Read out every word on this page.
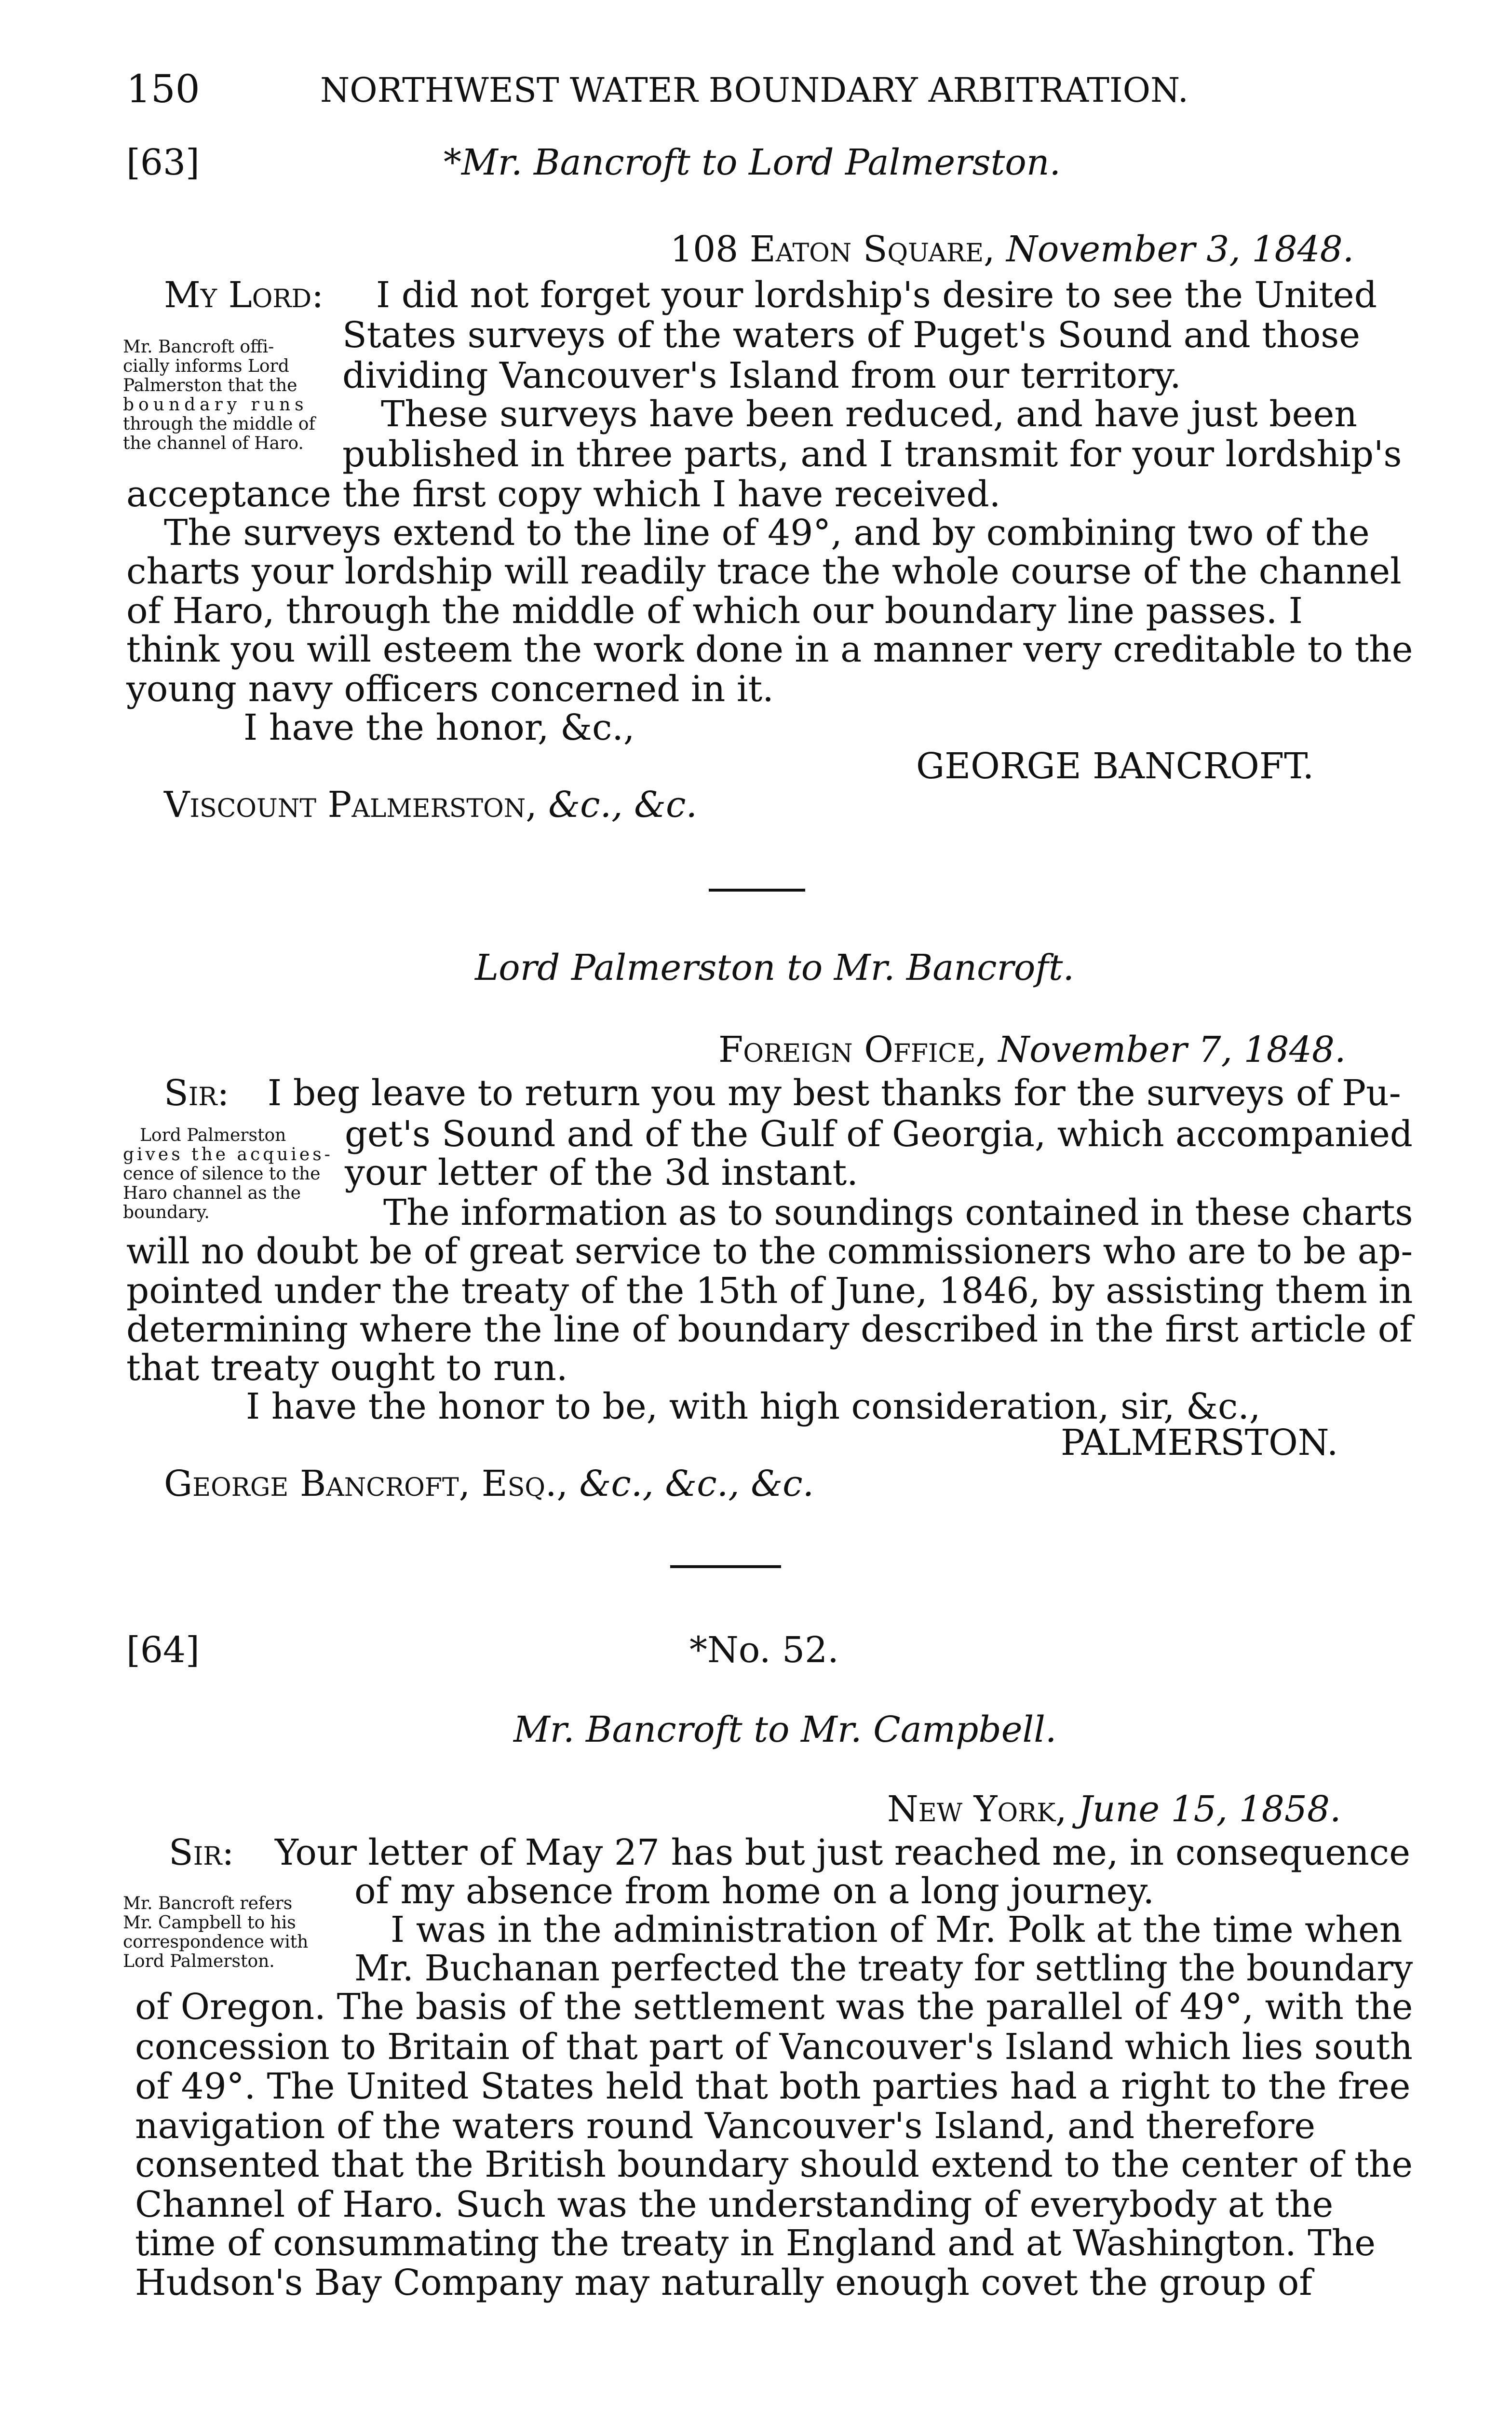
150	NORTHWEST WATER BOUNDARY ARBITRATION.
[63]	*Mr. Bancroft to Lord Palmerston.
108 Eaton Square, November 3, 1848.
My Lord: I did not forget your lordship's desire to see the United
Mr. Bancroft offi-
cially informs Lord
Palmerston that the
boundary runs
through the middle of
the channel of Haro.
States surveys of the waters of Puget's Sound and those
dividing Vancouver's Island from our territory.
These surveys have been reduced, and have just been
published in three parts, and I transmit for your lordship's
acceptance the first copy which I have received.
The surveys extend to the line of 49°, and by combining two of the
charts your lordship will readily trace the whole course of the channel
of Haro, through the middle of which our boundary line passes. I
think you will esteem the work done in a manner very creditable to the
young navy officers concerned in it.
I have the honor, &c.,
GEORGE BANCROFT.
Viscount Palmerston, &c., &c.
Lord Palmerston to Mr. Bancroft.
Foreign Office, November 7, 1848.
Sir: I beg leave to return you my best thanks for the surveys of Pu-
Lord Palmerston
gives the acquies-
cence of silence to the
Haro channel as the
boundary.
get's Sound and of the Gulf of Georgia, which accompanied
your letter of the 3d instant.
The information as to soundings contained in these charts
will no doubt be of great service to the commissioners who are to be ap-
pointed under the treaty of the 15th of June, 1846, by assisting them in
determining where the line of boundary described in the first article of
that treaty ought to run.
I have the honor to be, with high consideration, sir, &c.,
PALMERSTON.
George Bancroft, Esq., &c., &c., &c.
[64]	*No. 52.
Mr. Bancroft to Mr. Campbell.
New York, June 15, 1858.
Sir: Your letter of May 27 has but just reached me, in consequence
Mr. Bancroft refers
Mr. Campbell to his
correspondence with
Lord Palmerston.
of my absence from home on a long journey.
I was in the administration of Mr. Polk at the time when
Mr. Buchanan perfected the treaty for settling the boundary
of Oregon. The basis of the settlement was the parallel of 49°, with the
concession to Britain of that part of Vancouver's Island which lies south
of 49°. The United States held that both parties had a right to the free
navigation of the waters round Vancouver's Island, and therefore
consented that the British boundary should extend to the center of the
Channel of Haro. Such was the understanding of everybody at the
time of consummating the treaty in England and at Washington. The
Hudson's Bay Company may naturally enough covet the group of
